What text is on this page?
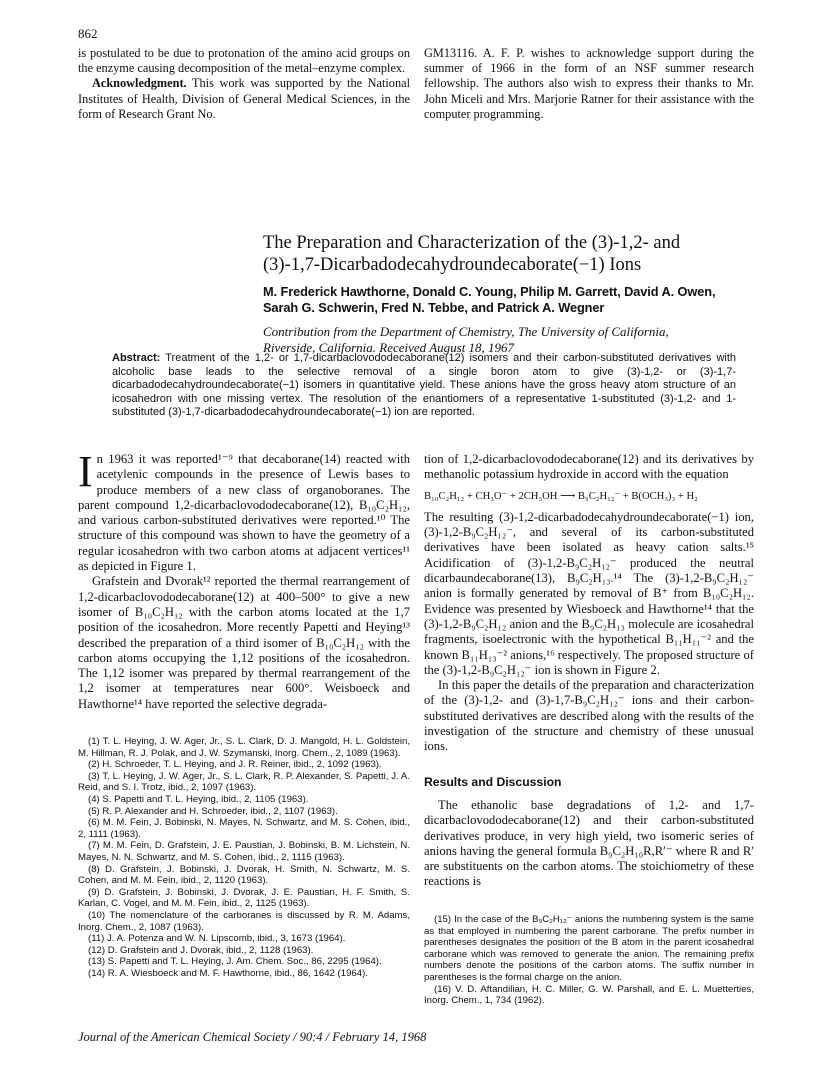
862

is postulated to be due to protonation of the amino acid groups on the enzyme causing decomposition of the metal–enzyme complex.

Acknowledgment. This work was supported by the National Institutes of Health, Division of General Medical Sciences, in the form of Research Grant No.

GM13116. A. F. P. wishes to acknowledge support during the summer of 1966 in the form of an NSF summer research fellowship. The authors also wish to express their thanks to Mr. John Miceli and Mrs. Marjorie Ratner for their assistance with the computer programming.

The Preparation and Characterization of the (3)-1,2- and
(3)-1,7-Dicarbadodecahydroundecaborate(−1) Ions
M. Frederick Hawthorne, Donald C. Young, Philip M. Garrett, David A. Owen,
Sarah G. Schwerin, Fred N. Tebbe, and Patrick A. Wegner
Contribution from the Department of Chemistry, The University of California,
Riverside, California. Received August 18, 1967
Abstract: Treatment of the 1,2- or 1,7-dicarbaclovododecaborane(12) isomers and their carbon-substituted derivatives with alcoholic base leads to the selective removal of a single boron atom to give (3)-1,2- or (3)-1,7-dicarbadodecahydroundecaborate(−1) isomers in quantitative yield. These anions have the gross heavy atom structure of an icosahedron with one missing vertex. The resolution of the enantiomers of a representative 1-substituted (3)-1,2- and 1-substituted (3)-1,7-dicarbadodecahydroundecaborate(−1) ion are reported.

In 1963 it was reported¹⁻⁹ that decaborane(14) reacted with acetylenic compounds in the presence of Lewis bases to produce members of a new class of organoboranes. The parent compound 1,2-dicarbaclovododecaborane(12), B₁₀C₂H₁₂, and various carbon-substituted derivatives were reported.¹⁰ The structure of this compound was shown to have the geometry of a regular icosahedron with two carbon atoms at adjacent vertices¹¹ as depicted in Figure 1.

Grafstein and Dvorak¹² reported the thermal rearrangement of 1,2-dicarbaclovododecaborane(12) at 400–500° to give a new isomer of B₁₀C₂H₁₂ with the carbon atoms located at the 1,7 position of the icosahedron. More recently Papetti and Heying¹³ described the preparation of a third isomer of B₁₀C₂H₁₂ with the carbon atoms occupying the 1,12 positions of the icosahedron. The 1,12 isomer was prepared by thermal rearrangement of the 1,2 isomer at temperatures near 600°. Weisboeck and Hawthorne¹⁴ have reported the selective degrada-

(1) T. L. Heying, J. W. Ager, Jr., S. L. Clark, D. J. Mangold, H. L. Goldstein, M. Hillman, R. J. Polak, and J. W. Szymanski, Inorg. Chem., 2, 1089 (1963).

(2) H. Schroeder, T. L. Heying, and J. R. Reiner, ibid., 2, 1092 (1963).

(3) T. L. Heying, J. W. Ager, Jr., S. L. Clark, R. P. Alexander, S. Papetti, J. A. Reid, and S. I. Trotz, ibid., 2, 1097 (1963).

(4) S. Papetti and T. L. Heying, ibid., 2, 1105 (1963).

(5) R. P. Alexander and H. Schroeder, ibid., 2, 1107 (1963).

(6) M. M. Fein, J. Bobinski, N. Mayes, N. Schwartz, and M. S. Cohen, ibid., 2, 1111 (1963).

(7) M. M. Fein, D. Grafstein, J. E. Paustian, J. Bobinski, B. M. Lichstein, N. Mayes, N. N. Schwartz, and M. S. Cohen, ibid., 2, 1115 (1963).

(8) D. Grafstein, J. Bobinski, J. Dvorak, H. Smith, N. Schwartz, M. S. Cohen, and M. M. Fein, ibid., 2, 1120 (1963).

(9) D. Grafstein, J. Bobinski, J. Dvorak, J. E. Paustian, H. F. Smith, S. Karlan, C. Vogel, and M. M. Fein, ibid., 2, 1125 (1963).

(10) The nomenclature of the carboranes is discussed by R. M. Adams, Inorg. Chem., 2, 1087 (1963).

(11) J. A. Potenza and W. N. Lipscomb, ibid., 3, 1673 (1964).

(12) D. Grafstein and J. Dvorak, ibid., 2, 1128 (1963).

(13) S. Papetti and T. L. Heying, J. Am. Chem. Soc., 86, 2295 (1964).

(14) R. A. Wiesboeck and M. F. Hawthorne, ibid., 86, 1642 (1964).

tion of 1,2-dicarbaclovododecaborane(12) and its derivatives by methanolic potassium hydroxide in accord with the equation

B₁₀C₂H₁₂ + CH₃O⁻ + 2CH₃OH ⟶ B₉C₂H₁₂⁻ + B(OCH₃)₃ + H₂

The resulting (3)-1,2-dicarbadodecahydroundecaborate(−1) ion, (3)-1,2-B₉C₂H₁₂⁻, and several of its carbon-substituted derivatives have been isolated as heavy cation salts.¹⁵ Acidification of (3)-1,2-B₉C₂H₁₂⁻ produced the neutral dicarbaundecaborane(13), B₉C₂H₁₃.¹⁴ The (3)-1,2-B₉C₂H₁₂⁻ anion is formally generated by removal of B⁺ from B₁₀C₂H₁₂. Evidence was presented by Wiesboeck and Hawthorne¹⁴ that the (3)-1,2-B₉C₂H₁₂ anion and the B₉C₂H₁₃ molecule are icosahedral fragments, isoelectronic with the hypothetical B₁₁H₁₁⁻² and the known B₁₁H₁₃⁻² anions,¹⁶ respectively. The proposed structure of the (3)-1,2-B₉C₂H₁₂⁻ ion is shown in Figure 2.

In this paper the details of the preparation and characterization of the (3)-1,2- and (3)-1,7-B₉C₂H₁₂⁻ ions and their carbon-substituted derivatives are described along with the results of the investigation of the structure and chemistry of these unusual ions.

Results and Discussion

The ethanolic base degradations of 1,2- and 1,7-dicarbaclovododecaborane(12) and their carbon-substituted derivatives produce, in very high yield, two isomeric series of anions having the general formula B₉C₂H₁₀R,R′⁻ where R and R′ are substituents on the carbon atoms. The stoichiometry of these reactions is

(15) In the case of the B₉C₂H₁₂⁻ anions the numbering system is the same as that employed in numbering the parent carborane. The prefix number in parentheses designates the position of the B atom in the parent icosahedral carborane which was removed to generate the anion. The remaining prefix numbers denote the positions of the carbon atoms. The suffix number in parentheses is the formal charge on the anion.

(16) V. D. Aftandilian, H. C. Miller, G. W. Parshall, and E. L. Muetterties, Inorg. Chem., 1, 734 (1962).

Journal of the American Chemical Society / 90:4 / February 14, 1968
